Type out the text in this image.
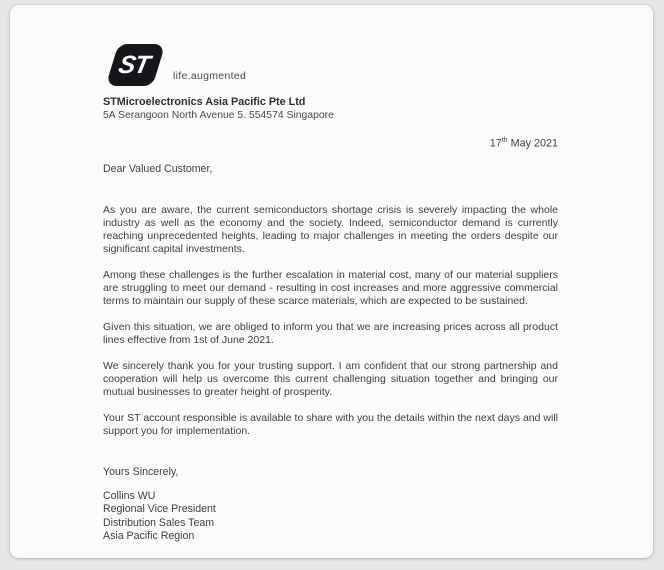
ST life.augmented
STMicroelectronics Asia Pacific Pte Ltd
5A Serangoon North Avenue 5. 554574 Singapore
17th May 2021
Dear Valued Customer,

As you are aware, the current semiconductors shortage crisis is severely impacting the whole industry as well as the economy and the society. Indeed, semiconductor demand is currently reaching unprecedented heights, leading to major challenges in meeting the orders despite our significant capital investments.

Among these challenges is the further escalation in material cost, many of our material suppliers are struggling to meet our demand - resulting in cost increases and more aggressive commercial terms to maintain our supply of these scarce materials, which are expected to be sustained.

Given this situation, we are obliged to inform you that we are increasing prices across all product lines effective from 1st of June 2021.

We sincerely thank you for your trusting support. I am confident that our strong partnership and cooperation will help us overcome this current challenging situation together and bringing our mutual businesses to greater height of prosperity.

Your ST account responsible is available to share with you the details within the next days and will support you for implementation.

Yours Sincerely,
Collins WU
Regional Vice President
Distribution Sales Team
Asia Pacific Region
